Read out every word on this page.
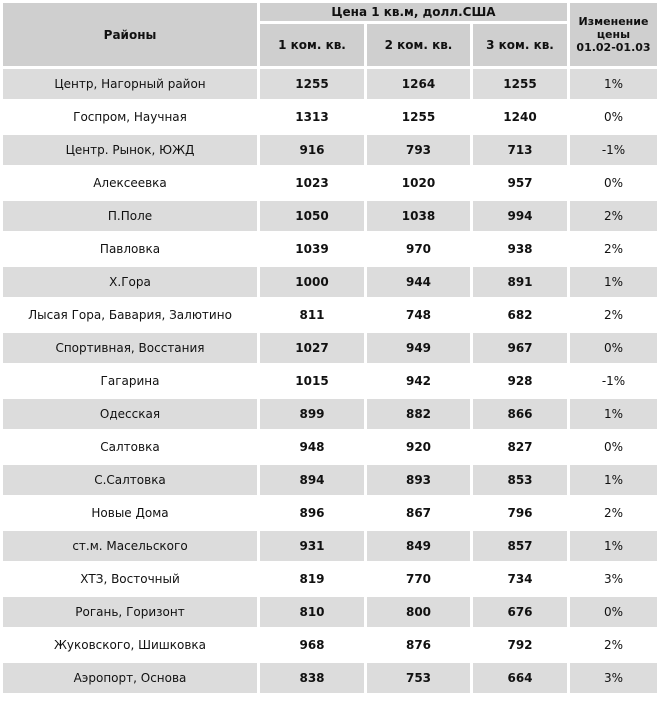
Районы	Цена 1 кв.м, долл.США			Изменение
цены
01.02-01.03
	1 ком. кв.	2 ком. кв.	3 ком. кв.	
Центр, Нагорный район	1255	1264	1255	1%
Госпром, Научная	1313	1255	1240	0%
Центр. Рынок, ЮЖД	916	793	713	-1%
Алексеевка	1023	1020	957	0%
П.Поле	1050	1038	994	2%
Павловка	1039	970	938	2%
Х.Гора	1000	944	891	1%
Лысая Гора, Бавария, Залютино	811	748	682	2%
Спортивная, Восстания	1027	949	967	0%
Гагарина	1015	942	928	-1%
Одесская	899	882	866	1%
Салтовка	948	920	827	0%
С.Салтовка	894	893	853	1%
Новые Дома	896	867	796	2%
ст.м. Масельского	931	849	857	1%
ХТЗ, Восточный	819	770	734	3%
Рогань, Горизонт	810	800	676	0%
Жуковского, Шишковка	968	876	792	2%
Аэропорт, Основа	838	753	664	3%
